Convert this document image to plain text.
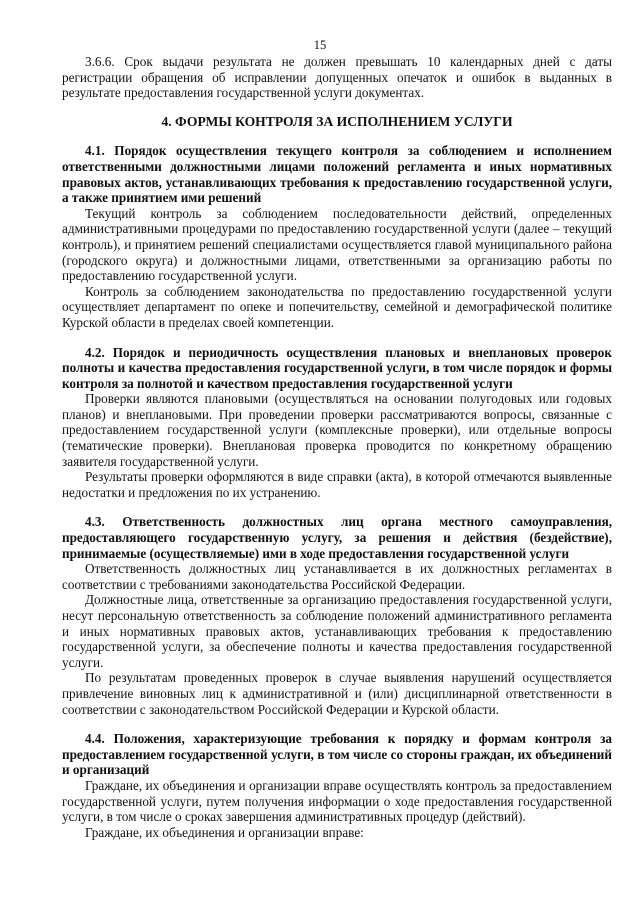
15

3.6.6. Срок выдачи результата не должен превышать 10 календарных дней с даты регистрации обращения об исправлении допущенных опечаток и ошибок в выданных в результате предоставления государственной услуги документах.

4. ФОРМЫ КОНТРОЛЯ ЗА ИСПОЛНЕНИЕМ УСЛУГИ

4.1. Порядок осуществления текущего контроля за соблюдением и исполнением ответственными должностными лицами положений регламента и иных нормативных правовых актов, устанавливающих требования к предоставлению государственной услуги, а также принятием ими решений

Текущий контроль за соблюдением последовательности действий, определенных административными процедурами по предоставлению государственной услуги (далее – текущий контроль), и принятием решений специалистами осуществляется главой муниципального района (городского округа) и должностными лицами, ответственными за организацию работы по предоставлению государственной услуги.

Контроль за соблюдением законодательства по предоставлению государственной услуги осуществляет департамент по опеке и попечительству, семейной и демографической политике Курской области в пределах своей компетенции.

4.2. Порядок и периодичность осуществления плановых и внеплановых проверок полноты и качества предоставления государственной услуги, в том числе порядок и формы контроля за полнотой и качеством предоставления государственной услуги

Проверки являются плановыми (осуществляться на основании полугодовых или годовых планов) и внеплановыми. При проведении проверки рассматриваются вопросы, связанные с предоставлением государственной услуги (комплексные проверки), или отдельные вопросы (тематические проверки). Внеплановая проверка проводится по конкретному обращению заявителя государственной услуги.

Результаты проверки оформляются в виде справки (акта), в которой отмечаются выявленные недостатки и предложения по их устранению.

4.3. Ответственность должностных лиц органа местного самоуправления, предоставляющего государственную услугу, за решения и действия (бездействие), принимаемые (осуществляемые) ими в ходе предоставления государственной услуги

Ответственность должностных лиц устанавливается в их должностных регламентах в соответствии с требованиями законодательства Российской Федерации.

Должностные лица, ответственные за организацию предоставления государственной услуги, несут персональную ответственность за соблюдение положений административного регламента и иных нормативных правовых актов, устанавливающих требования к предоставлению государственной услуги, за обеспечение полноты и качества предоставления государственной услуги.

По результатам проведенных проверок в случае выявления нарушений осуществляется привлечение виновных лиц к административной и (или) дисциплинарной ответственности в соответствии с законодательством Российской Федерации и Курской области.

4.4. Положения, характеризующие требования к порядку и формам контроля за предоставлением государственной услуги, в том числе со стороны граждан, их объединений и организаций

Граждане, их объединения и организации вправе осуществлять контроль за предоставлением государственной услуги, путем получения информации о ходе предоставления государственной услуги, в том числе о сроках завершения административных процедур (действий).

Граждане, их объединения и организации вправе:
